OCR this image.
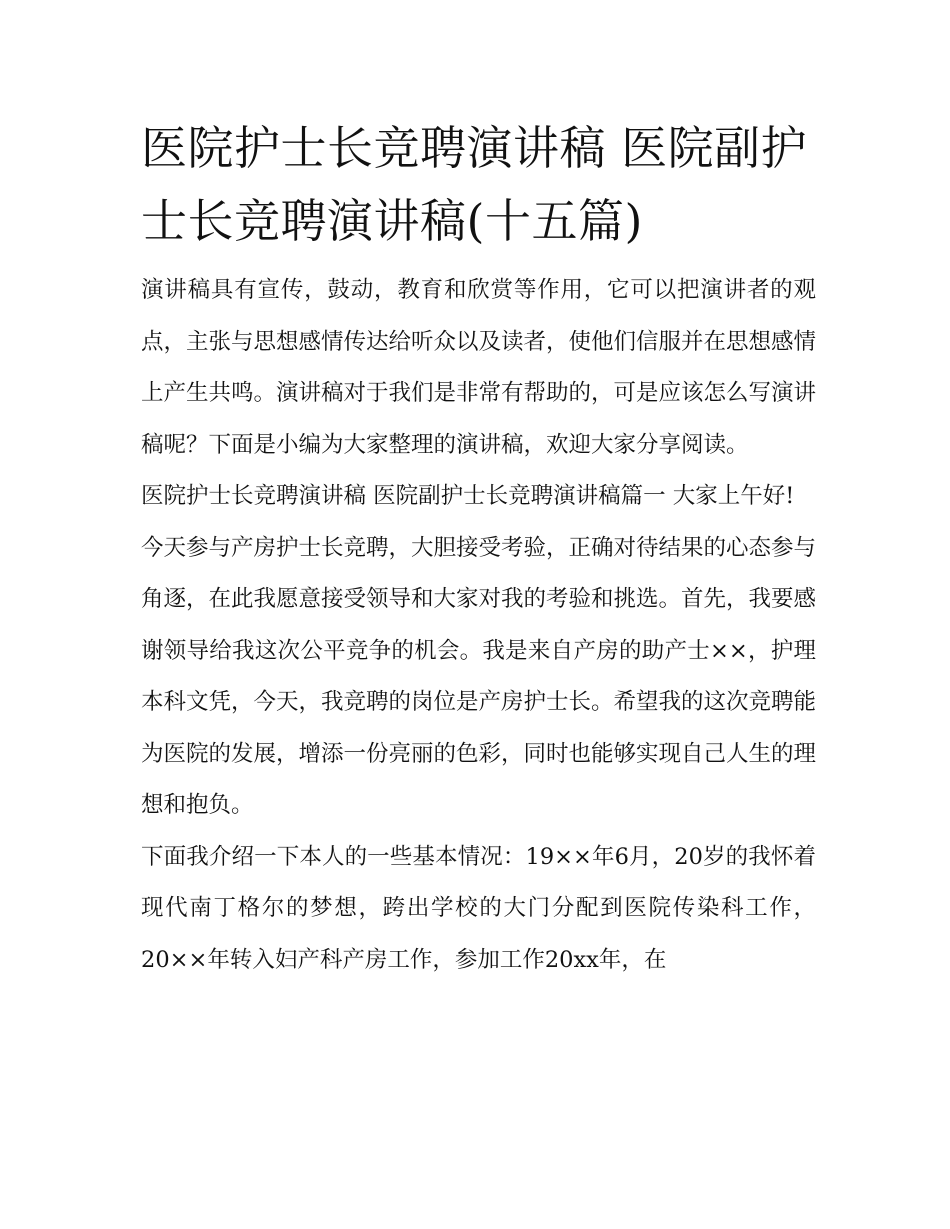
医院护士长竞聘演讲稿 医院副护士长竞聘演讲稿(十五篇)

演讲稿具有宣传，鼓动，教育和欣赏等作用，它可以把演讲者的观点，主张与思想感情传达给听众以及读者，使他们信服并在思想感情上产生共鸣。演讲稿对于我们是非常有帮助的，可是应该怎么写演讲稿呢？下面是小编为大家整理的演讲稿，欢迎大家分享阅读。

医院护士长竞聘演讲稿 医院副护士长竞聘演讲稿篇一 大家上午好!

今天参与产房护士长竞聘，大胆接受考验，正确对待结果的心态参与角逐，在此我愿意接受领导和大家对我的考验和挑选。首先，我要感谢领导给我这次公平竞争的机会。我是来自产房的助产士××，护理本科文凭，今天，我竞聘的岗位是产房护士长。希望我的这次竞聘能为医院的发展，增添一份亮丽的色彩，同时也能够实现自己人生的理想和抱负。

下面我介绍一下本人的一些基本情况：19××年6月，20岁的我怀着现代南丁格尔的梦想，跨出学校的大门分配到医院传染科工作，20××年转入妇产科产房工作，参加工作20xx年，在
